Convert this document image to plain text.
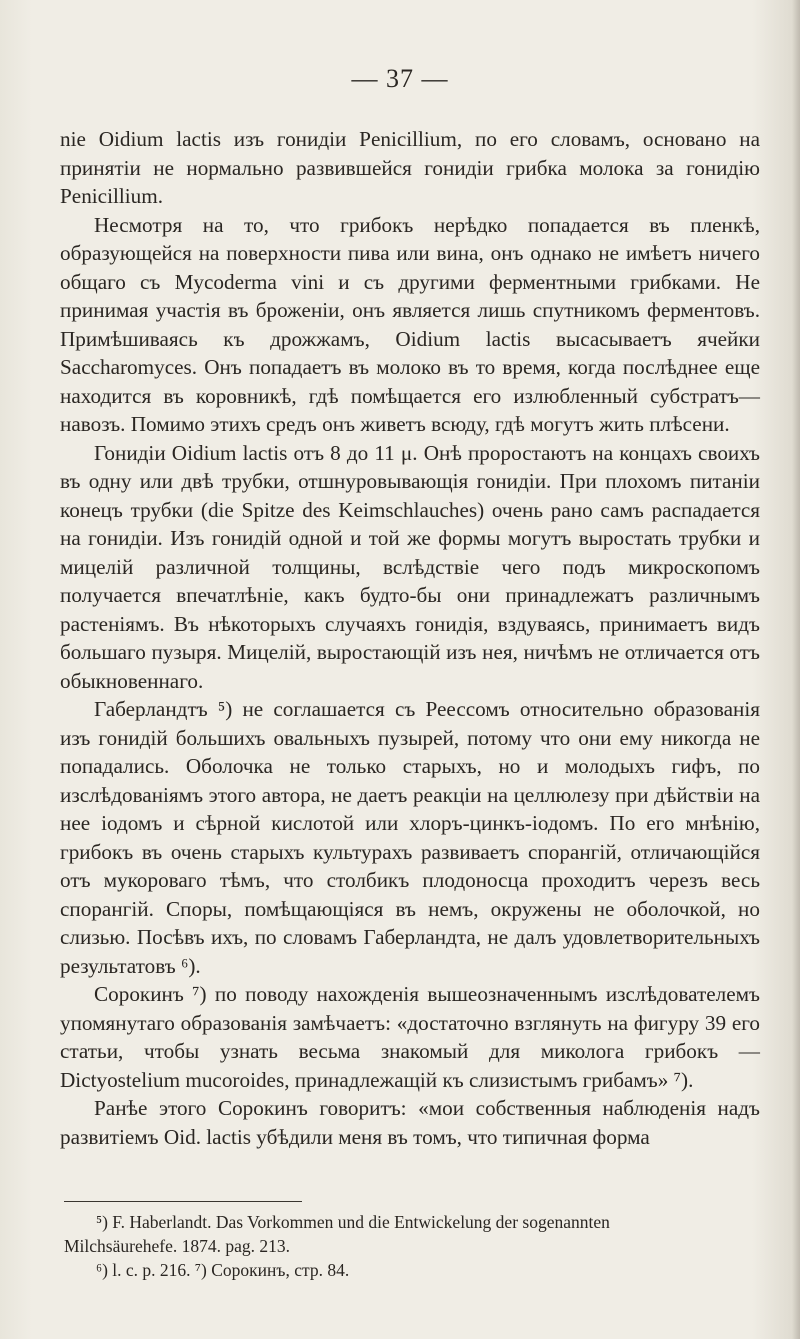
— 37 —

nie Oidium lactis изъ гонидіи Penicillium, по его словамъ, основано на принятіи не нормально развившейся гонидіи грибка молока за гонидію Penicillium.

Несмотря на то, что грибокъ нерѣдко попадается въ пленкѣ, образующейся на поверхности пива или вина, онъ однако не имѣетъ ничего общаго съ Mycoderma vini и съ другими ферментными грибками. Не принимая участія въ броженіи, онъ является лишь спутникомъ ферментовъ. Примѣшиваясь къ дрожжамъ, Oidium lactis высасываетъ ячейки Saccharomyces. Онъ попадаетъ въ молоко въ то время, когда послѣднее еще находится въ коровникѣ, гдѣ помѣщается его излюбленный субстратъ—навозъ. Помимо этихъ средъ онъ живетъ всюду, гдѣ могутъ жить плѣсени.

Гонидіи Oidium lactis отъ 8 до 11 μ. Онѣ проростаютъ на концахъ своихъ въ одну или двѣ трубки, отшнуровывающія гонидіи. При плохомъ питаніи конецъ трубки (die Spitze des Keimschlauches) очень рано самъ распадается на гонидіи. Изъ гонидій одной и той же формы могутъ выростать трубки и мицелій различной толщины, вслѣдствіе чего подъ микроскопомъ получается впечатлѣніе, какъ будто-бы они принадлежатъ различнымъ растеніямъ. Въ нѣкоторыхъ случаяхъ гонидія, вздуваясь, принимаетъ видъ большаго пузыря. Мицелій, выростающій изъ нея, ничѣмъ не отличается отъ обыкновеннаго.

Габерландтъ ⁵) не соглашается съ Реессомъ относительно образованія изъ гонидій большихъ овальныхъ пузырей, потому что они ему никогда не попадались. Оболочка не только старыхъ, но и молодыхъ гифъ, по изслѣдованіямъ этого автора, не даетъ реакціи на целлюлезу при дѣйствіи на нее іодомъ и сѣрной кислотой или хлоръ-цинкъ-іодомъ. По его мнѣнію, грибокъ въ очень старыхъ культурахъ развиваетъ спорангій, отличающійся отъ мукороваго тѣмъ, что столбикъ плодоносца проходитъ черезъ весь спорангій. Споры, помѣщающіяся въ немъ, окружены не оболочкой, но слизью. Посѣвъ ихъ, по словамъ Габерландта, не далъ удовлетворительныхъ результатовъ ⁶).

Сорокинъ ⁷) по поводу нахожденія вышеозначеннымъ изслѣдователемъ упомянутаго образованія замѣчаетъ: «достаточно взглянуть на фигуру 39 его статьи, чтобы узнать весьма знакомый для миколога грибокъ — Dictyostelium mucoroides, принадлежащій къ слизистымъ грибамъ» ⁷).

Ранѣе этого Сорокинъ говоритъ: «мои собственныя наблюденія надъ развитіемъ Oid. lactis убѣдили меня въ томъ, что типичная форма

⁵) F. Haberlandt. Das Vorkommen und die Entwickelung der sogenannten
Milchsäurehefe. 1874. pag. 213.
⁶) l. c. p. 216. ⁷) Сорокинъ, стр. 84.
